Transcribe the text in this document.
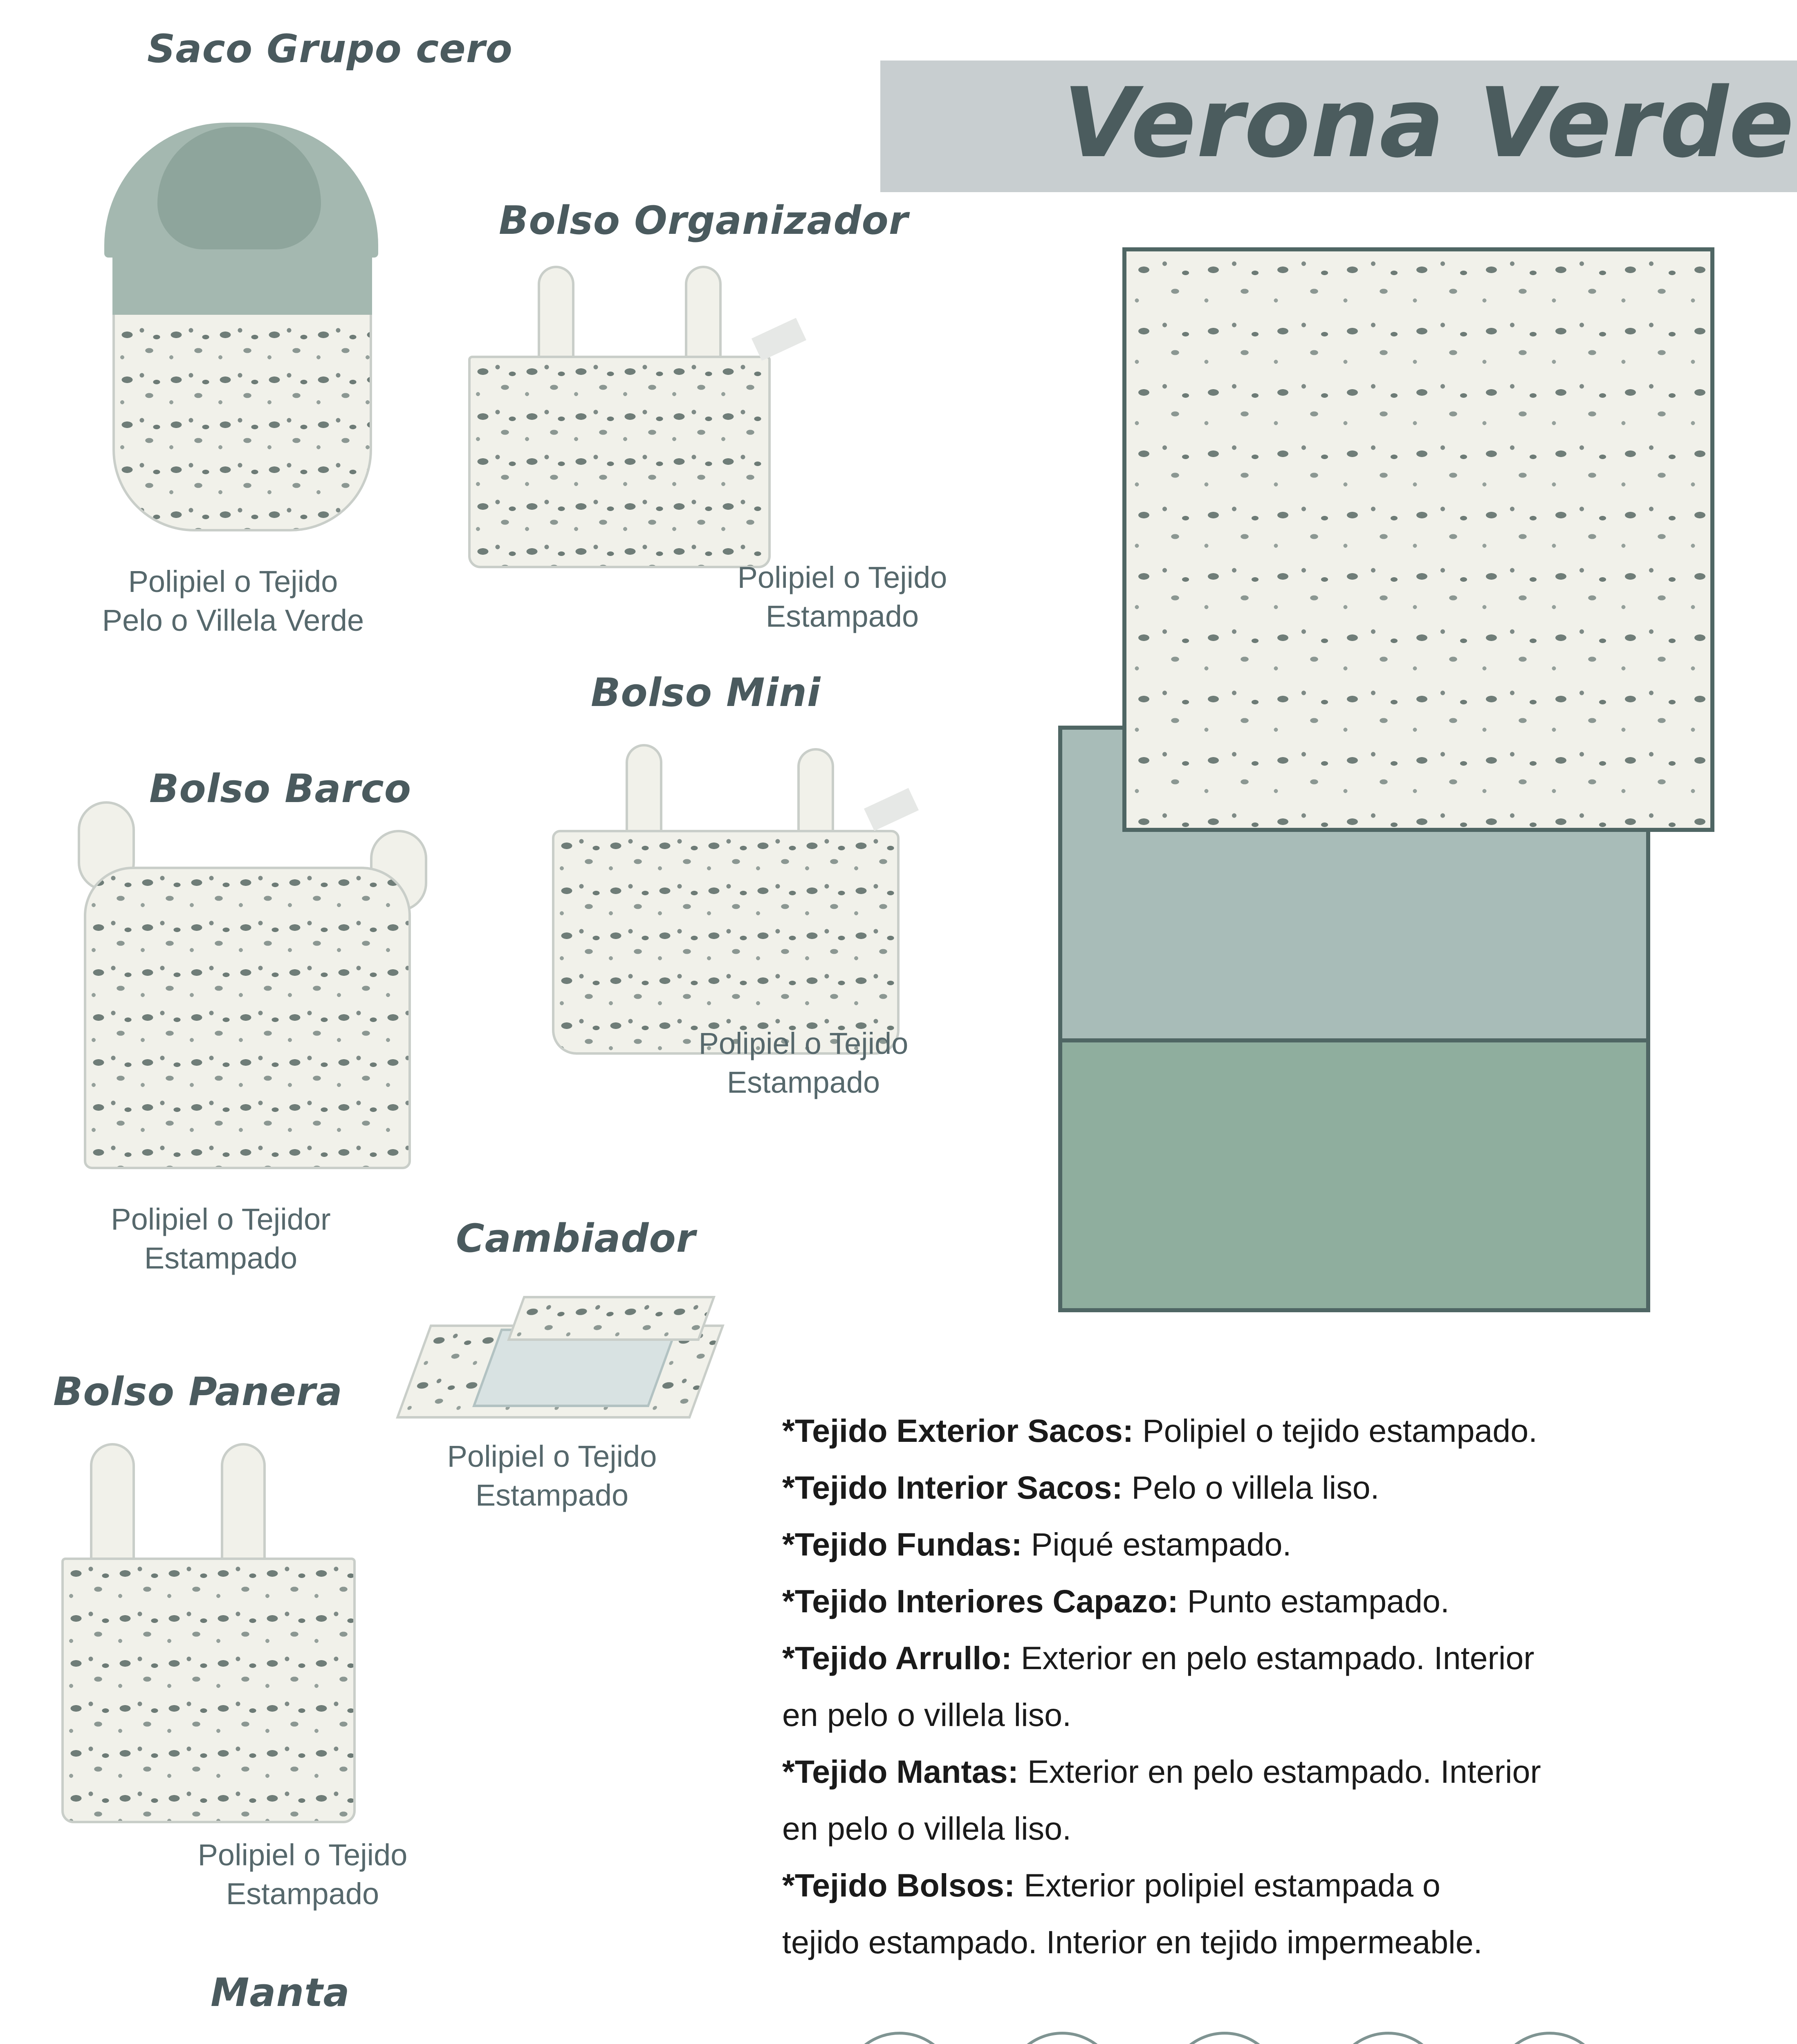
Verona Verde
Saco Grupo cero
Polipiel o Tejido
Pelo o Villela Verde
Bolso Organizador
Polipiel o Tejido
Estampado
Bolso Mini
Polipiel o Tejido
Estampado
Bolso Barco
Polipiel o Tejidor
Estampado	Cambiador
Polipiel o Tejido
Estampado
Bolso Panera
Polipiel o Tejido
Estampado
Manta
*Tejido Exterior Sacos: Polipiel o tejido estampado.
*Tejido Interior Sacos: Pelo o villela liso.
*Tejido Fundas: Piqué estampado.
*Tejido Interiores Capazo: Punto estampado.
*Tejido Arrullo: Exterior en pelo estampado. Interior
en pelo o villela liso.
*Tejido Mantas: Exterior en pelo estampado. Interior
en pelo o villela liso.
*Tejido Bolsos: Exterior polipiel estampada o
tejido estampado. Interior en tejido impermeable.
